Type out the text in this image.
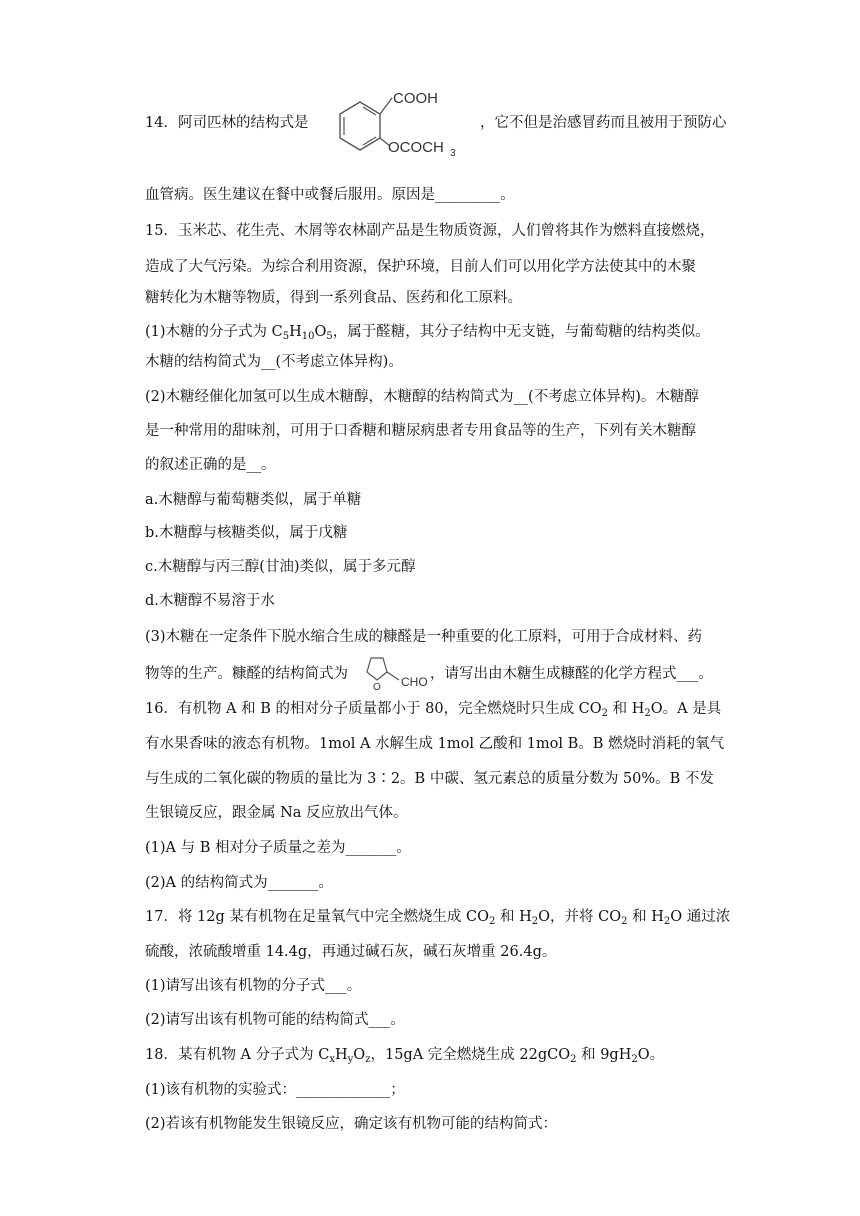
14．阿司匹林的结构式是
COOH
OCOCH 3
，它不但是治感冒药而且被用于预防心
血管病。医生建议在餐中或餐后服用。原因是_________。
15．玉米芯、花生壳、木屑等农林副产品是生物质资源，人们曾将其作为燃料直接燃烧，
造成了大气污染。为综合利用资源，保护环境，目前人们可以用化学方法使其中的木聚
糖转化为木糖等物质，得到一系列食品、医药和化工原料。
(1)木糖的分子式为 $C_5H_{10}O_5$，属于醛糖，其分子结构中无支链，与葡萄糖的结构类似。
木糖的结构简式为__(不考虑立体异构)。
(2)木糖经催化加氢可以生成木糖醇，木糖醇的结构简式为__(不考虑立体异构)。木糖醇
是一种常用的甜味剂，可用于口香糖和糖尿病患者专用食品等的生产，下列有关木糖醇
的叙述正确的是__。
a.木糖醇与葡萄糖类似，属于单糖
b.木糖醇与核糖类似，属于戊糖
c.木糖醇与丙三醇(甘油)类似，属于多元醇
d.木糖醇不易溶于水
(3)木糖在一定条件下脱水缩合生成的糠醛是一种重要的化工原料，可用于合成材料、药
物等的生产。糠醛的结构简式为
O CHO ，请写出由木糖生成糠醛的化学方程式___。
16．有机物 A 和 B 的相对分子质量都小于 80，完全燃烧时只生成 $CO_2$ 和 $H_2O$。A 是具
有水果香味的液态有机物。1mol A 水解生成 1mol 乙酸和 1mol B。B 燃烧时消耗的氧气
与生成的二氧化碳的物质的量比为 3∶2。B 中碳、氢元素总的质量分数为 50%。B 不发
生银镜反应，跟金属 Na 反应放出气体。
(1)A 与 B 相对分子质量之差为_______。
(2)A 的结构简式为_______。
17．将 12g 某有机物在足量氧气中完全燃烧生成 $CO_2$ 和 $H_2O$，并将 $CO_2$ 和 $H_2O$ 通过浓
硫酸，浓硫酸增重 14.4g，再通过碱石灰，碱石灰增重 26.4g。
(1)请写出该有机物的分子式___。
(2)请写出该有机物可能的结构简式___。
18．某有机物 A 分子式为 $C_xH_yO_z$，15gA 完全燃烧生成 22gCO$_2$ 和 $9gH_2O$。
(1)该有机物的实验式：_____________；
(2)若该有机物能发生银镜反应，确定该有机物可能的结构简式：
